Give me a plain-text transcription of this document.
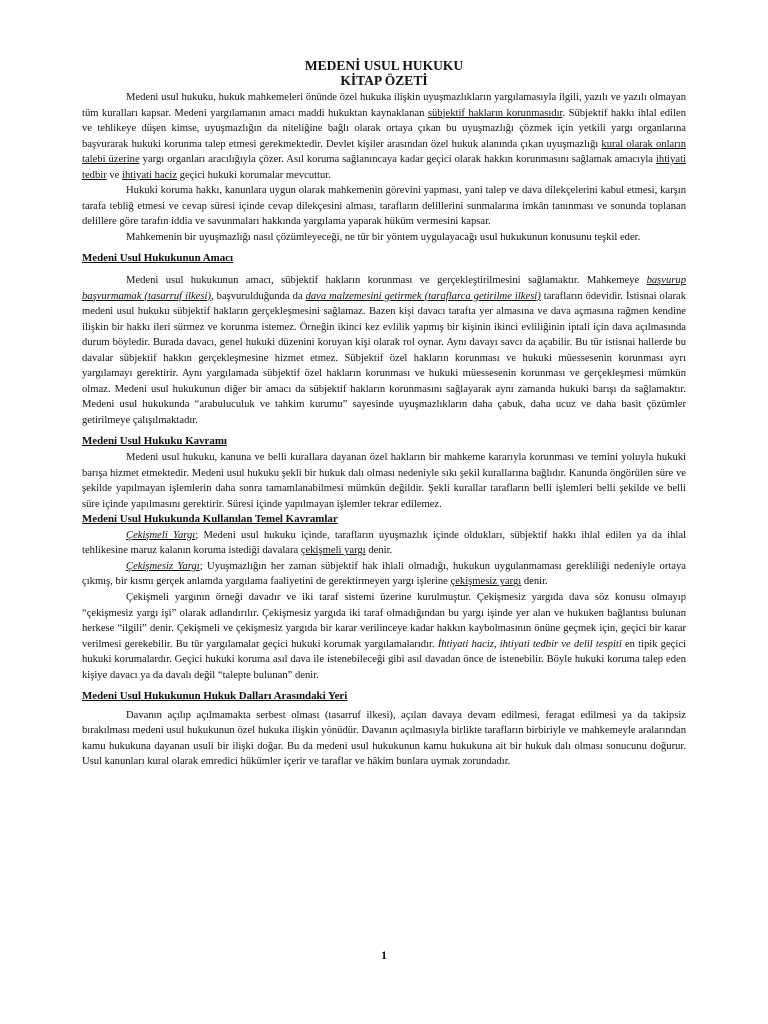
MEDENİ USUL HUKUKU
KİTAP ÖZETİ

Medeni usul hukuku, hukuk mahkemeleri önünde özel hukuka ilişkin uyuşmazlıkların yargılamasıyla ilgili, yazılı ve yazılı olmayan tüm kuralları kapsar. Medeni yargılamanın amacı maddi hukuktan kaynaklanan sübjektif hakların korunmasıdır. Sübjektif hakkı ihlal edilen ve tehlikeye düşen kimse, uyuşmazlığın da niteliğine bağlı olarak ortaya çıkan bu uyuşmazlığı çözmek için yetkili yargı organlarına başvurarak hukuki korunma talep etmesi gerekmektedir. Devlet kişiler arasından özel hukuk alanında çıkan uyuşmazlığı kural olarak onların talebi üzerine yargı organları aracılığıyla çözer. Asıl koruma sağlanıncaya kadar geçici olarak hakkın korunmasını sağlamak amacıyla ihtiyati tedbir ve ihtiyati haciz geçici hukuki korumalar mevcuttur.

Hukuki koruma hakkı, kanunlara uygun olarak mahkemenin görevini yapması, yani talep ve dava dilekçelerini kabul etmesi, karşın tarafa tebliğ etmesi ve cevap süresi içinde cevap dilekçesini alması, tarafların delillerini sunmalarına imkân tanınması ve sonunda toplanan delillere göre tarafın iddia ve savunmaları hakkında yargılama yaparak hüküm vermesini kapsar.

Mahkemenin bir uyuşmazlığı nasıl çözümleyeceği, ne tür bir yöntem uygulayacağı usul hukukunun konusunu teşkil eder.

Medeni Usul Hukukunun Amacı

Medeni usul hukukunun amacı, sübjektif hakların korunması ve gerçekleştirilmesini sağlamaktır. Mahkemeye başvurup başvurmamak (tasarruf ilkesi), başvurulduğunda da dava malzemesini getirmek (taraflarca getirilme ilkesi) tarafların ödevidir. İstisnai olarak medeni usul hukuku sübjektif hakların gerçekleşmesini sağlamaz. Bazen kişi davacı tarafta yer almasına ve dava açmasına rağmen kendine ilişkin bir hakkı ileri sürmez ve korunma istemez. Örneğin ikinci kez evlilik yapmış bir kişinin ikinci evliliğinin iptali için dava açılmasında durum böyledir. Burada davacı, genel hukuki düzenini koruyan kişi olarak rol oynar. Aynı davayı savcı da açabilir. Bu tür istisnai hallerde bu davalar sübjektif hakkın gerçekleşmesine hizmet etmez. Sübjektif özel hakların korunması ve hukuki müessesenin korunması ayrı yargılamayı gerektirir. Aynı yargılamada sübjektif özel hakların korunması ve hukuki müessesenin korunması ve gerçekleşmesi mümkün olmaz. Medeni usul hukukunun diğer bir amacı da sübjektif hakların korunmasını sağlayarak aynı zamanda hukuki barışı da sağlamaktır. Medeni usul hukukunda “arabuluculuk ve tahkim kurumu” sayesinde uyuşmazlıkların daha çabuk, daha ucuz ve daha basit çözümler getirilmeye çalışılmaktadır.

Medeni Usul Hukuku Kavramı

Medeni usul hukuku, kanuna ve belli kurallara dayanan özel hakların bir mahkeme kararıyla korunması ve temini yoluyla hukuki barışa hizmet etmektedir. Medeni usul hukuku şekli bir hukuk dalı olması nedeniyle sıkı şekil kurallarına bağlıdır. Kanunda öngörülen süre ve şekilde yapılmayan işlemlerin daha sonra tamamlanabilmesi mümkün değildir. Şekli kurallar tarafların belli işlemleri belli şekilde ve belli süre içinde yapılmasını gerektirir. Süresi içinde yapılmayan işlemler tekrar edilemez.

Medeni Usul Hukukunda Kullanılan Temel Kavramlar

Çekişmeli Yargı; Medeni usul hukuku içinde, tarafların uyuşmazlık içinde oldukları, sübjektif hakkı ihlal edilen ya da ihlal tehlikesine maruz kalanın koruma istediği davalara çekişmeli yargı denir.

Çekişmesiz Yargı; Uyuşmazlığın her zaman sübjektif hak ihlali olmadığı, hukukun uygulanmaması gerekliliği nedeniyle ortaya çıkmış, bir kısmı gerçek anlamda yargılama faaliyetini de gerektirmeyen yargı işlerine çekişmesiz yargı denir.

Çekişmeli yargının örneği davadır ve iki taraf sistemi üzerine kurulmuştur. Çekişmesiz yargıda dava söz konusu olmayıp “çekişmesiz yargı işi” olarak adlandırılır. Çekişmesiz yargıda iki taraf olmadığından bu yargı işinde yer alan ve hukuken bağlantısı bulunan herkese “ilgili” denir. Çekişmeli ve çekişmesiz yargıda bir karar verilinceye kadar hakkın kaybolmasının önüne geçmek için, geçici bir karar verilmesi gerekebilir. Bu tür yargılamalar geçici hukuki korumak yargılamalarıdır. İhtiyati haciz, ihtiyati tedbir ve delil tespiti en tipik geçici hukuki korumalardır. Geçici hukuki koruma asıl dava ile istenebileceği gibi asıl davadan önce de istenebilir. Böyle hukuki koruma talep eden kişiye davacı ya da davalı değil “talepte bulunan” denir.

Medeni Usul Hukukunun Hukuk Dalları Arasındaki Yeri

Davanın açılıp açılmamakta serbest olması (tasarruf ilkesi), açılan davaya devam edilmesi, feragat edilmesi ya da takipsiz bırakılması medeni usul hukukunun özel hukuka ilişkin yönüdür. Davanın açılmasıyla birlikte tarafların birbiriyle ve mahkemeyle aralarından kamu hukukuna dayanan usuli bir ilişki doğar. Bu da medeni usul hukukunun kamu hukukuna ait bir hukuk dalı olması sonucunu doğurur. Usul kanunları kural olarak emredici hükümler içerir ve taraflar ve hâkim bunlara uymak zorundadır.

1
